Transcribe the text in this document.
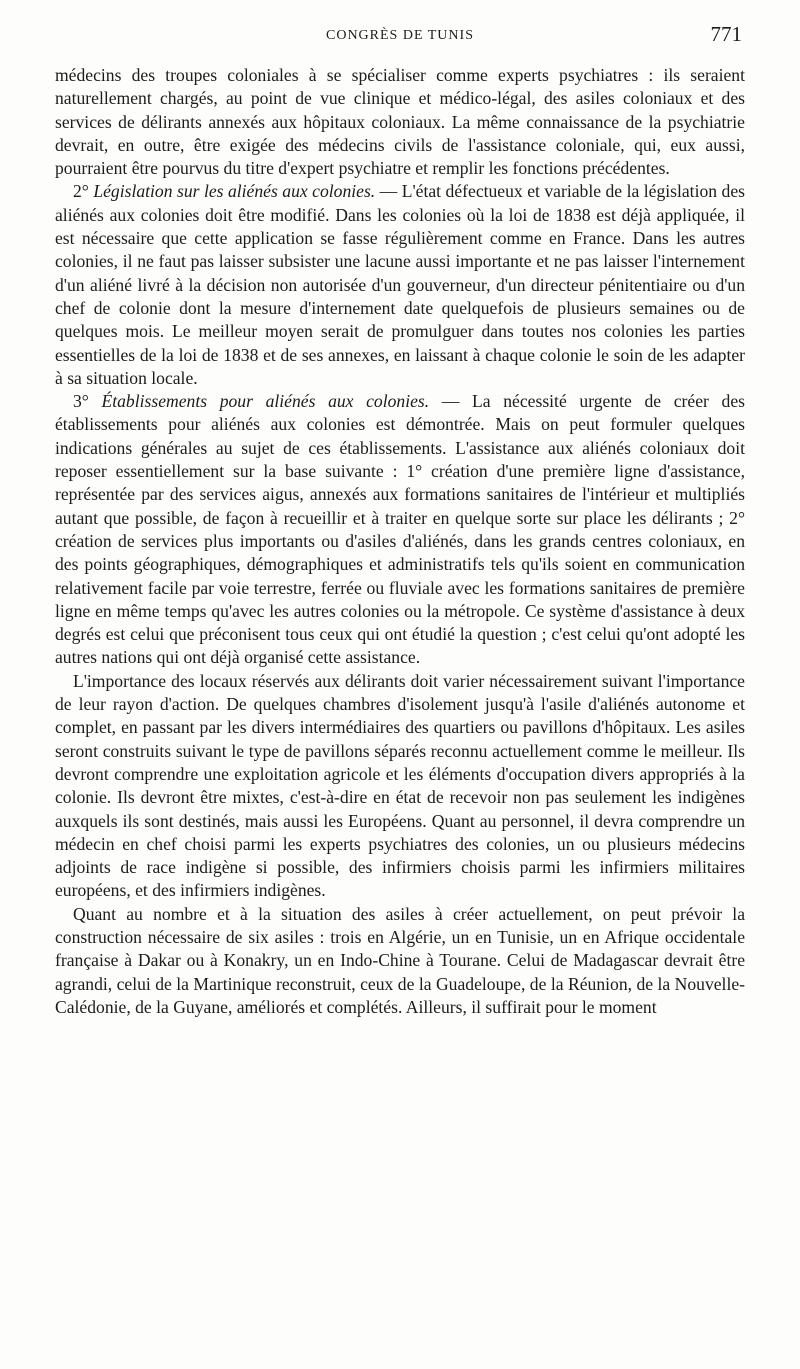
CONGRÈS DE TUNIS	771

médecins des troupes coloniales à se spécialiser comme experts psychiatres : ils seraient naturellement chargés, au point de vue clinique et médico-légal, des asiles coloniaux et des services de délirants annexés aux hôpitaux coloniaux. La même connaissance de la psychiatrie devrait, en outre, être exigée des médecins civils de l'assistance coloniale, qui, eux aussi, pourraient être pourvus du titre d'expert psychiatre et remplir les fonctions précédentes.

2° Législation sur les aliénés aux colonies. — L'état défectueux et variable de la législation des aliénés aux colonies doit être modifié. Dans les colonies où la loi de 1838 est déjà appliquée, il est nécessaire que cette application se fasse régulièrement comme en France. Dans les autres colonies, il ne faut pas laisser subsister une lacune aussi importante et ne pas laisser l'internement d'un aliéné livré à la décision non autorisée d'un gouverneur, d'un directeur pénitentiaire ou d'un chef de colonie dont la mesure d'internement date quelquefois de plusieurs semaines ou de quelques mois. Le meilleur moyen serait de promulguer dans toutes nos colonies les parties essentielles de la loi de 1838 et de ses annexes, en laissant à chaque colonie le soin de les adapter à sa situation locale.

3° Établissements pour aliénés aux colonies. — La nécessité urgente de créer des établissements pour aliénés aux colonies est démontrée. Mais on peut formuler quelques indications générales au sujet de ces établissements. L'assistance aux aliénés coloniaux doit reposer essentiellement sur la base suivante : 1° création d'une première ligne d'assistance, représentée par des services aigus, annexés aux formations sanitaires de l'intérieur et multipliés autant que possible, de façon à recueillir et à traiter en quelque sorte sur place les délirants ; 2° création de services plus importants ou d'asiles d'aliénés, dans les grands centres coloniaux, en des points géographiques, démographiques et administratifs tels qu'ils soient en communication relativement facile par voie terrestre, ferrée ou fluviale avec les formations sanitaires de première ligne en même temps qu'avec les autres colonies ou la métropole. Ce système d'assistance à deux degrés est celui que préconisent tous ceux qui ont étudié la question ; c'est celui qu'ont adopté les autres nations qui ont déjà organisé cette assistance.

L'importance des locaux réservés aux délirants doit varier nécessairement suivant l'importance de leur rayon d'action. De quelques chambres d'isolement jusqu'à l'asile d'aliénés autonome et complet, en passant par les divers intermédiaires des quartiers ou pavillons d'hôpitaux. Les asiles seront construits suivant le type de pavillons séparés reconnu actuellement comme le meilleur. Ils devront comprendre une exploitation agricole et les éléments d'occupation divers appropriés à la colonie. Ils devront être mixtes, c'est-à-dire en état de recevoir non pas seulement les indigènes auxquels ils sont destinés, mais aussi les Européens. Quant au personnel, il devra comprendre un médecin en chef choisi parmi les experts psychiatres des colonies, un ou plusieurs médecins adjoints de race indigène si possible, des infirmiers choisis parmi les infirmiers militaires européens, et des infirmiers indigènes.

Quant au nombre et à la situation des asiles à créer actuellement, on peut prévoir la construction nécessaire de six asiles : trois en Algérie, un en Tunisie, un en Afrique occidentale française à Dakar ou à Konakry, un en Indo-Chine à Tourane. Celui de Madagascar devrait être agrandi, celui de la Martinique reconstruit, ceux de la Guadeloupe, de la Réunion, de la Nouvelle-Calédonie, de la Guyane, améliorés et complétés. Ailleurs, il suffirait pour le moment
